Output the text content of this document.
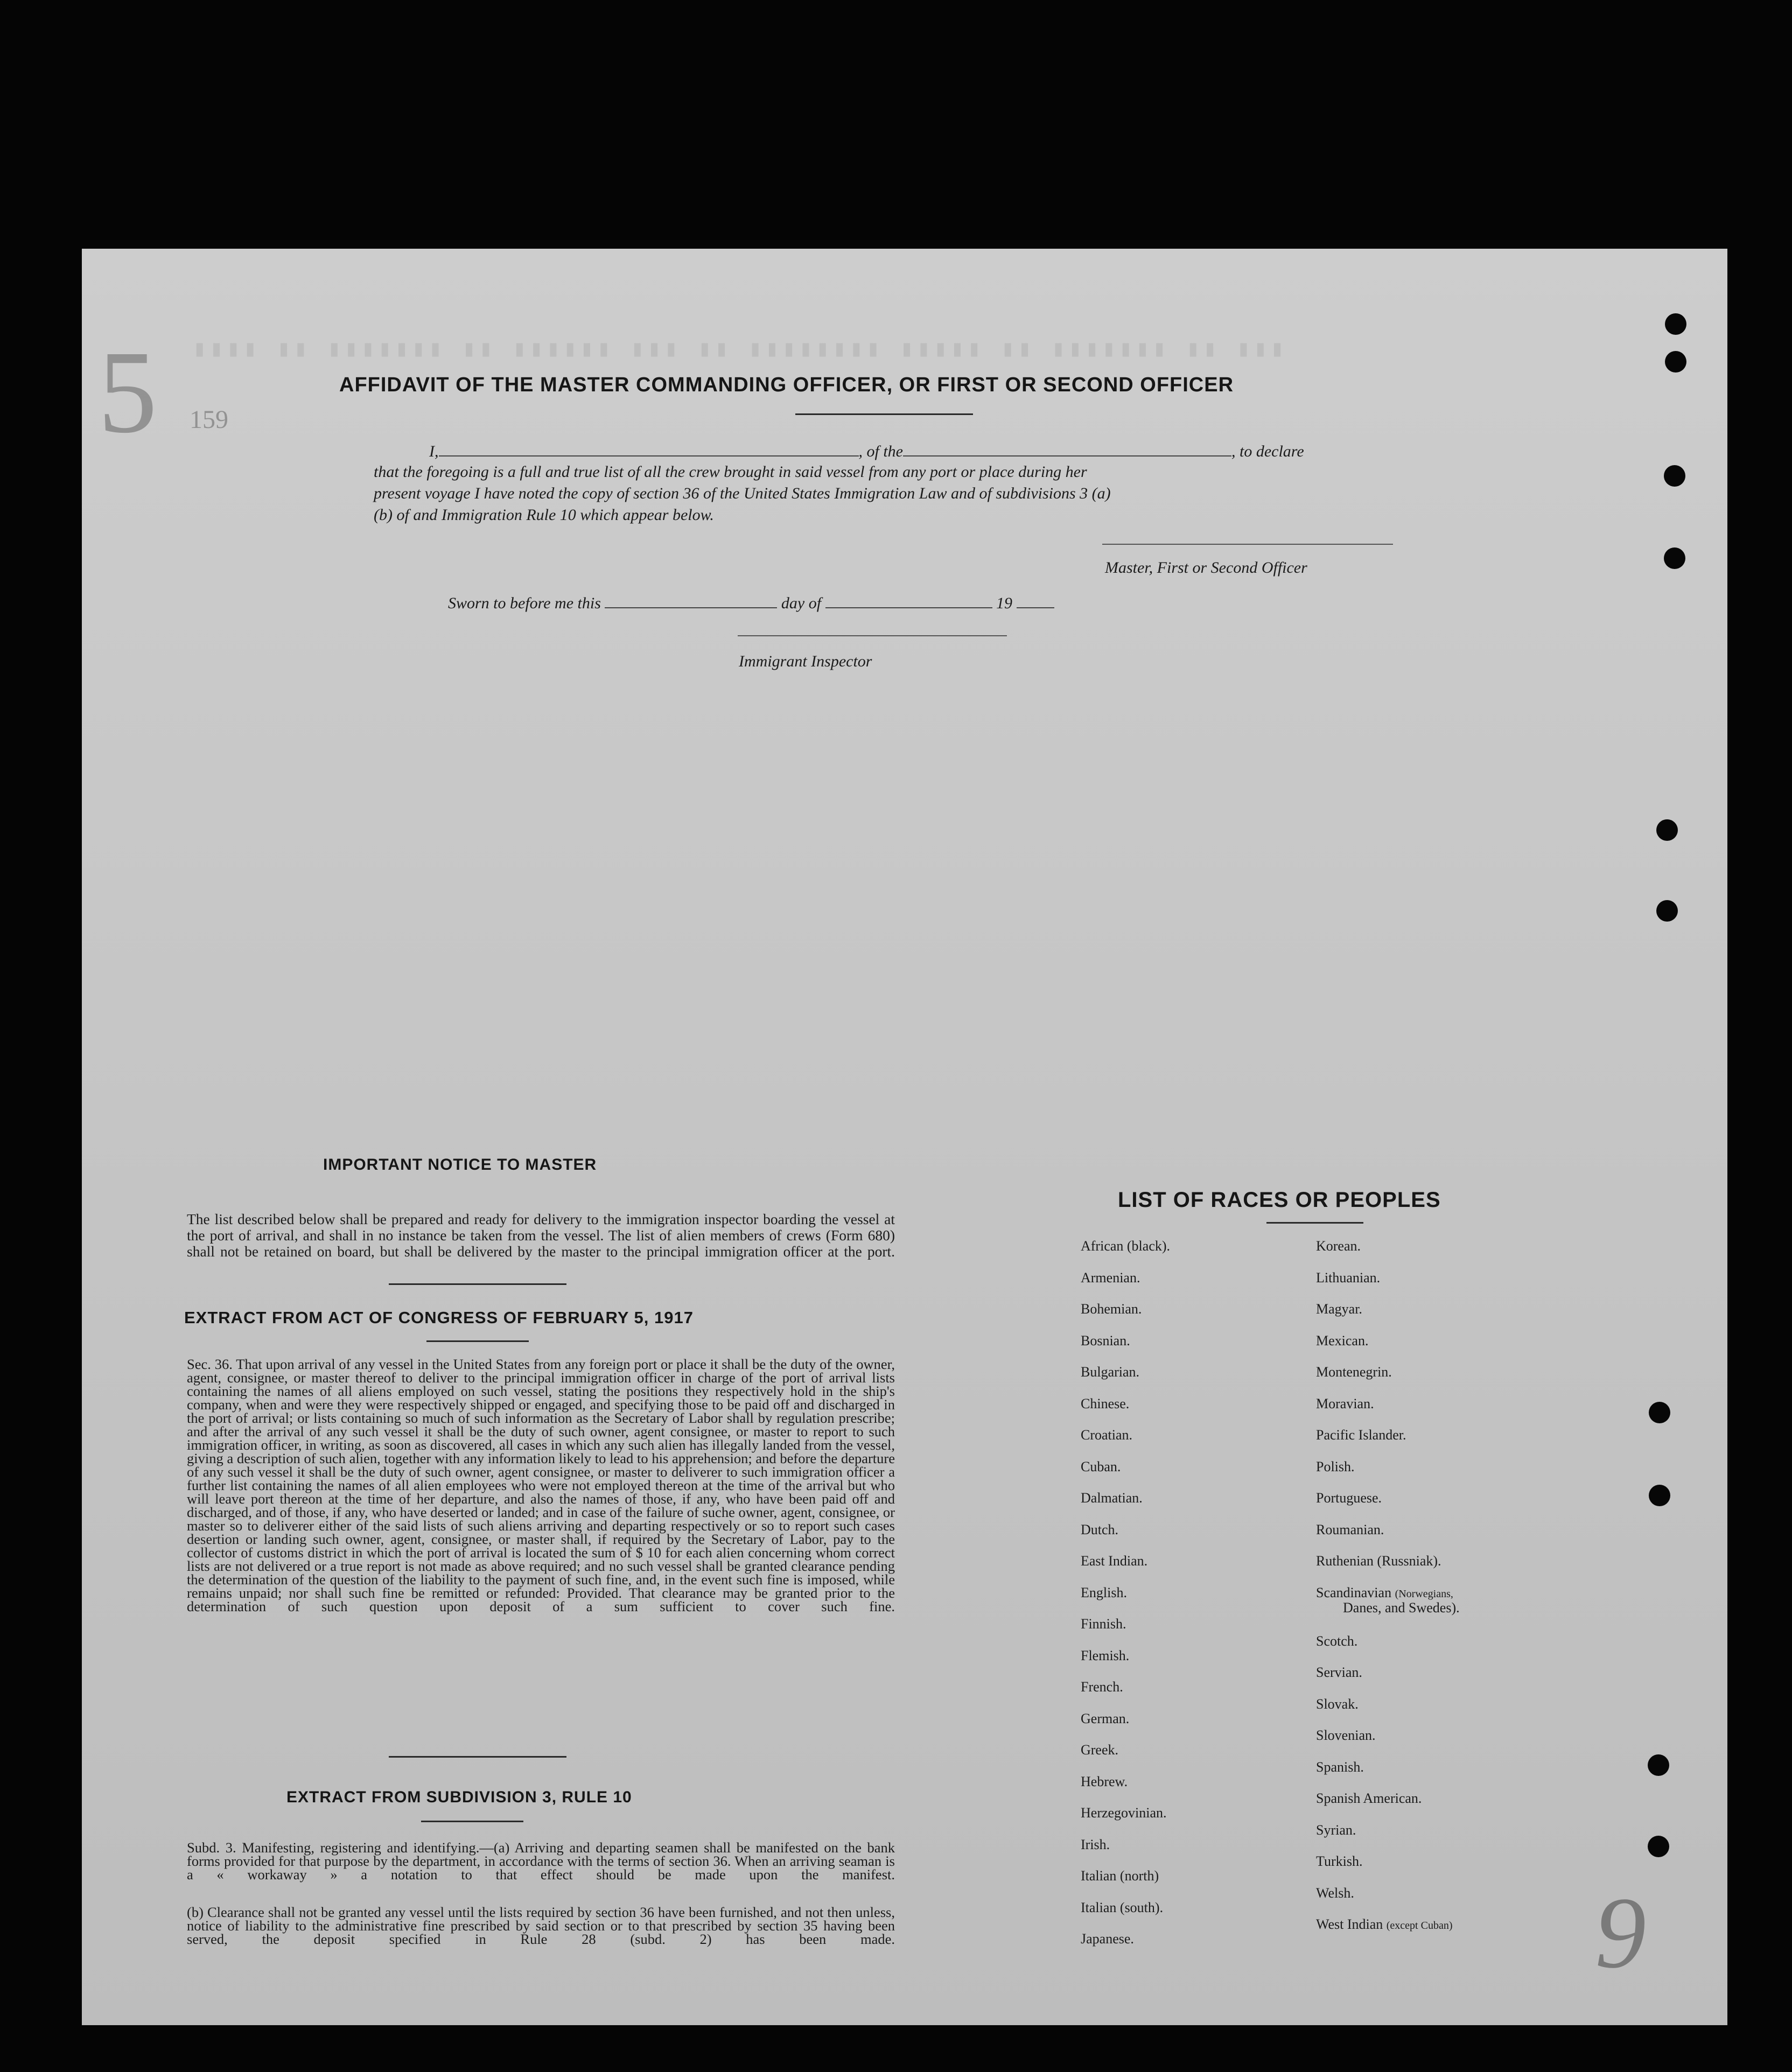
▮▮▮ ▮▮ ▮▮▮▮▮▮▮ ▮▮ ▮▮▮▮▮ ▮▮▮▮▮▮▮▮ ▮▮ ▮▮▮ ▮▮▮▮▮▮ ▮▮ ▮▮▮▮▮▮▮ ▮▮ ▮▮▮▮
5 159
9
AFFIDAVIT OF THE MASTER COMMANDING OFFICER, OR FIRST OR SECOND OFFICER
I,	, of the	, to declare
that the foregoing is a full and true list of all the crew brought in said vessel from any port or place during her
present voyage I have noted the copy of section 36 of the United States Immigration Law and of subdivisions 3 (a)
(b) of and Immigration Rule 10 which appear below.
Master, First or Second Officer
Sworn to before me this	day of	19
Immigrant Inspector
IMPORTANT NOTICE TO MASTER
The list described below shall be prepared and ready for delivery to the immigration inspector boarding the vessel at the port of arrival, and shall in no instance be taken from the vessel. The list of alien members of crews (Form 680) shall not be retained on board, but shall be delivered by the master to the principal immigration officer at the port.
EXTRACT FROM ACT OF CONGRESS OF FEBRUARY 5, 1917
Sec. 36. That upon arrival of any vessel in the United States from any foreign port or place it shall be the duty of the owner, agent, consignee, or master thereof to deliver to the principal immigration officer in charge of the port of arrival lists containing the names of all aliens employed on such vessel, stating the positions they respectively hold in the ship's company, when and were they were respectively shipped or engaged, and specifying those to be paid off and discharged in the port of arrival; or lists containing so much of such information as the Secretary of Labor shall by regulation prescribe; and after the arrival of any such vessel it shall be the duty of such owner, agent consignee, or master to report to such immigration officer, in writing, as soon as discovered, all cases in which any such alien has illegally landed from the vessel, giving a description of such alien, together with any information likely to lead to his apprehension; and before the departure of any such vessel it shall be the duty of such owner, agent consignee, or master to deliverer to such immigration officer a further list containing the names of all alien employees who were not employed thereon at the time of the arrival but who will leave port thereon at the time of her departure, and also the names of those, if any, who have been paid off and discharged, and of those, if any, who have deserted or landed; and in case of the failure of suche owner, agent, consignee, or master so to deliverer either of the said lists of such aliens arriving and departing respectively or so to report such cases desertion or landing such owner, agent, consignee, or master shall, if required by the Secretary of Labor, pay to the collector of customs district in which the port of arrival is located the sum of $ 10 for each alien concerning whom correct lists are not delivered or a true report is not made as above required; and no such vessel shall be granted clearance pending the determination of the question of the liability to the payment of such fine, and, in the event such fine is imposed, while remains unpaid; nor shall such fine be remitted or refunded: Provided. That clearance may be granted prior to the determination of such question upon deposit of a sum sufficient to cover such fine.
EXTRACT FROM SUBDIVISION 3, RULE 10
Subd. 3. Manifesting, registering and identifying.—(a) Arriving and departing seamen shall be manifested on the bank forms provided for that purpose by the department, in accordance with the terms of section 36. When an arriving seaman is a « workaway » a notation to that effect should be made upon the manifest.
(b) Clearance shall not be granted any vessel until the lists required by section 36 have been furnished, and not then unless, notice of liability to the administrative fine prescribed by said section or to that prescribed by section 35 having been served, the deposit specified in Rule 28 (subd. 2) has been made.
LIST OF RACES OR PEOPLES
African (black).
Armenian.
Bohemian.
Bosnian.
Bulgarian.
Chinese.
Croatian.
Cuban.
Dalmatian.
Dutch.
East Indian.
English.
Finnish.
Flemish.
French.
German.
Greek.
Hebrew.
Herzegovinian.
Irish.
Italian (north)
Italian (south).
Japanese.
Korean.
Lithuanian.
Magyar.
Mexican.
Montenegrin.
Moravian.
Pacific Islander.
Polish.
Portuguese.
Roumanian.
Ruthenian (Russniak).
Scandinavian (Norwegians,
Danes, and Swedes).
Scotch.
Servian.
Slovak.
Slovenian.
Spanish.
Spanish American.
Syrian.
Turkish.
Welsh.
West Indian (except Cuban)
